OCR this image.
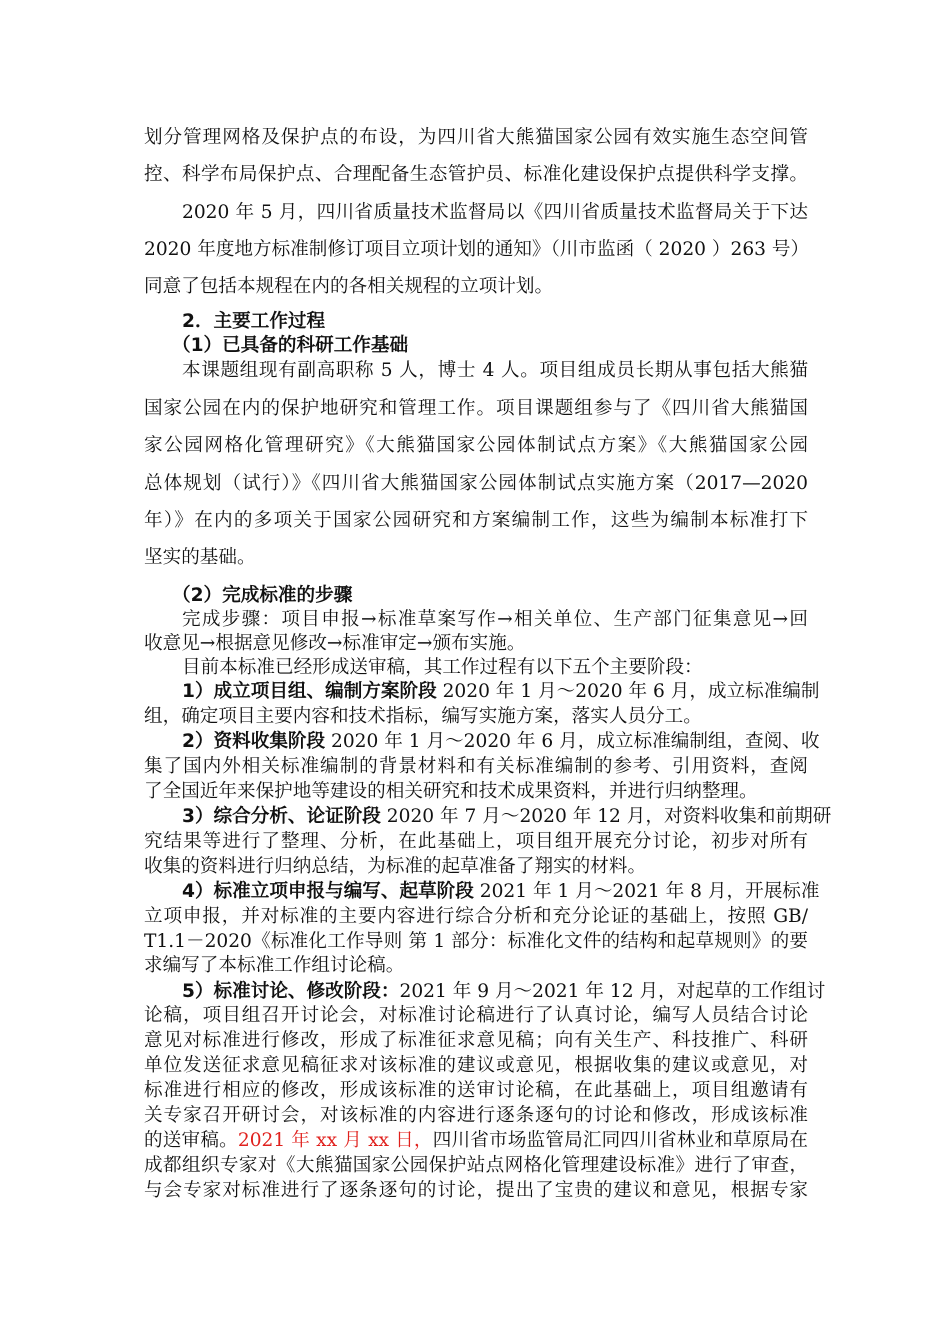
划分管理网格及保护点的布设，为四川省大熊猫国家公园有效实施生态空间管
控、科学布局保护点、合理配备生态管护员、标准化建设保护点提供科学支撑。
2020 年 5 月，四川省质量技术监督局以《四川省质量技术监督局关于下达
2020 年度地方标准制修订项目立项计划的通知》（川市监函（ 2020 ）263 号）
同意了包括本规程在内的各相关规程的立项计划。
2．主要工作过程
（1）已具备的科研工作基础
本课题组现有副高职称 5 人，博士 4 人。项目组成员长期从事包括大熊猫
国家公园在内的保护地研究和管理工作。项目课题组参与了《四川省大熊猫国
家公园网格化管理研究》《大熊猫国家公园体制试点方案》《大熊猫国家公园
总体规划（试行）》《四川省大熊猫国家公园体制试点实施方案（2017—2020
年）》在内的多项关于国家公园研究和方案编制工作，这些为编制本标准打下
坚实的基础。
（2）完成标准的步骤
完成步骤：项目申报→标准草案写作→相关单位、生产部门征集意见→回
收意见→根据意见修改→标准审定→颁布实施。
目前本标准已经形成送审稿，其工作过程有以下五个主要阶段：
1）成立项目组、编制方案阶段 2020 年 1 月～2020 年 6 月，成立标准编制
组，确定项目主要内容和技术指标，编写实施方案，落实人员分工。
2）资料收集阶段 2020 年 1 月～2020 年 6 月，成立标准编制组，查阅、收
集了国内外相关标准编制的背景材料和有关标准编制的参考、引用资料，查阅
了全国近年来保护地等建设的相关研究和技术成果资料，并进行归纳整理。
3）综合分析、论证阶段 2020 年 7 月～2020 年 12 月，对资料收集和前期研
究结果等进行了整理、分析，在此基础上，项目组开展充分讨论，初步对所有
收集的资料进行归纳总结，为标准的起草准备了翔实的材料。
4）标准立项申报与编写、起草阶段 2021 年 1 月～2021 年 8 月，开展标准
立项申报，并对标准的主要内容进行综合分析和充分论证的基础上，按照 GB/
T1.1－2020《标准化工作导则 第 1 部分：标准化文件的结构和起草规则》的要
求编写了本标准工作组讨论稿。
5）标准讨论、修改阶段：2021 年 9 月～2021 年 12 月，对起草的工作组讨
论稿，项目组召开讨论会，对标准讨论稿进行了认真讨论，编写人员结合讨论
意见对标准进行修改，形成了标准征求意见稿；向有关生产、科技推广、科研
单位发送征求意见稿征求对该标准的建议或意见，根据收集的建议或意见，对
标准进行相应的修改，形成该标准的送审讨论稿，在此基础上，项目组邀请有
关专家召开研讨会，对该标准的内容进行逐条逐句的讨论和修改，形成该标准
的送审稿。2021 年 xx 月 xx 日，四川省市场监管局汇同四川省林业和草原局在
成都组织专家对《大熊猫国家公园保护站点网格化管理建设标准》进行了审查，
与会专家对标准进行了逐条逐句的讨论，提出了宝贵的建议和意见，根据专家
